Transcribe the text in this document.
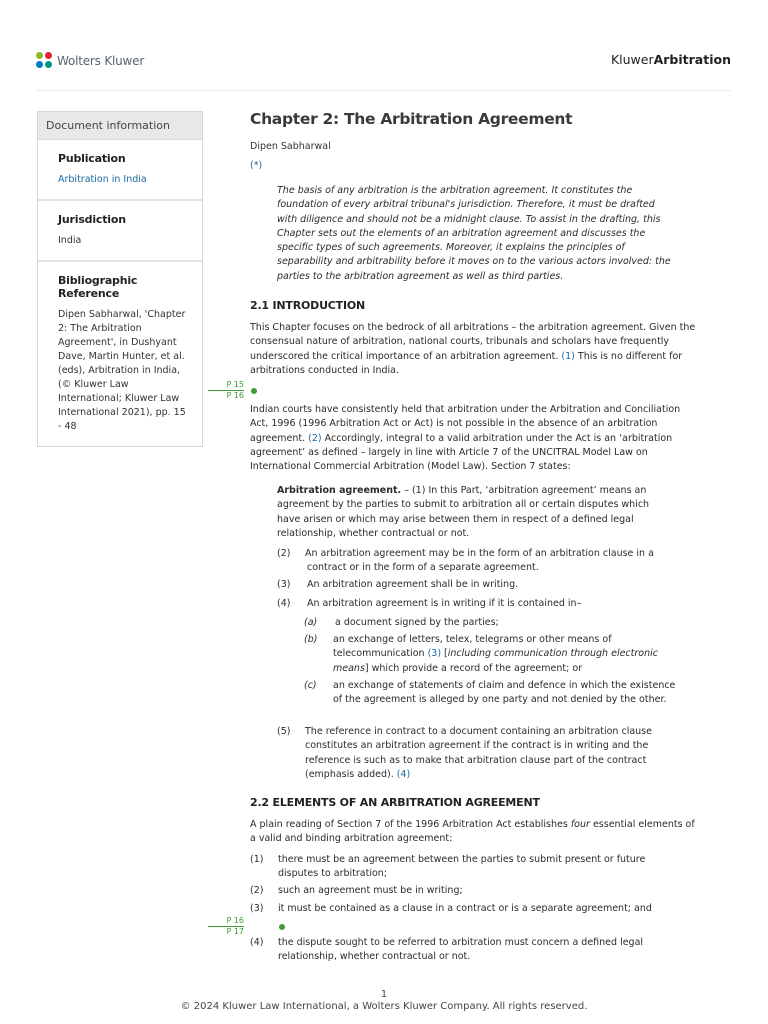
Wolters Kluwer	KluwerArbitration
Document information
Publication
Arbitration in India
Jurisdiction
India
Bibliographic Reference
Dipen Sabharwal, 'Chapter 2: The Arbitration Agreement', in Dushyant Dave, Martin Hunter, et al. (eds), Arbitration in India, (© Kluwer Law International; Kluwer Law International 2021), pp. 15 - 48
Chapter 2: The Arbitration Agreement
Dipen Sabharwal
(*)
The basis of any arbitration is the arbitration agreement. It constitutes the foundation of every arbitral tribunal's jurisdiction. Therefore, it must be drafted with diligence and should not be a midnight clause. To assist in the drafting, this Chapter sets out the elements of an arbitration agreement and discusses the specific types of such agreements. Moreover, it explains the principles of separability and arbitrability before it moves on to the various actors involved: the parties to the arbitration agreement as well as third parties.
2.1 INTRODUCTION
This Chapter focuses on the bedrock of all arbitrations – the arbitration agreement. Given the consensual nature of arbitration, national courts, tribunals and scholars have frequently underscored the critical importance of an arbitration agreement. (1) This is no different for arbitrations conducted in India.
P 15
P 16
Indian courts have consistently held that arbitration under the Arbitration and Conciliation Act, 1996 (1996 Arbitration Act or Act) is not possible in the absence of an arbitration agreement. (2) Accordingly, integral to a valid arbitration under the Act is an ‘arbitration agreement’ as defined – largely in line with Article 7 of the UNCITRAL Model Law on International Commercial Arbitration (Model Law). Section 7 states:
Arbitration agreement. – (1) In this Part, ‘arbitration agreement’ means an agreement by the parties to submit to arbitration all or certain disputes which have arisen or which may arise between them in respect of a defined legal relationship, whether contractual or not.
(2)	An arbitration agreement may be in the form of an arbitration clause in a contract or in the form of a separate agreement.
(3)	An arbitration agreement shall be in writing.
(4)	An arbitration agreement is in writing if it is contained in–
(a)	a document signed by the parties;
(b)	an exchange of letters, telex, telegrams or other means of telecommunication (3) [including communication through electronic means] which provide a record of the agreement; or
(c)	an exchange of statements of claim and defence in which the existence of the agreement is alleged by one party and not denied by the other.
(5)	The reference in contract to a document containing an arbitration clause constitutes an arbitration agreement if the contract is in writing and the reference is such as to make that arbitration clause part of the contract (emphasis added). (4)
2.2 ELEMENTS OF AN ARBITRATION AGREEMENT
A plain reading of Section 7 of the 1996 Arbitration Act establishes four essential elements of a valid and binding arbitration agreement:
(1)	there must be an agreement between the parties to submit present or future disputes to arbitration;
(2)	such an agreement must be in writing;
(3)	it must be contained as a clause in a contract or is a separate agreement; and
P 16
P 17
(4)	the dispute sought to be referred to arbitration must concern a defined legal relationship, whether contractual or not.
1
© 2024 Kluwer Law International, a Wolters Kluwer Company. All rights reserved.
